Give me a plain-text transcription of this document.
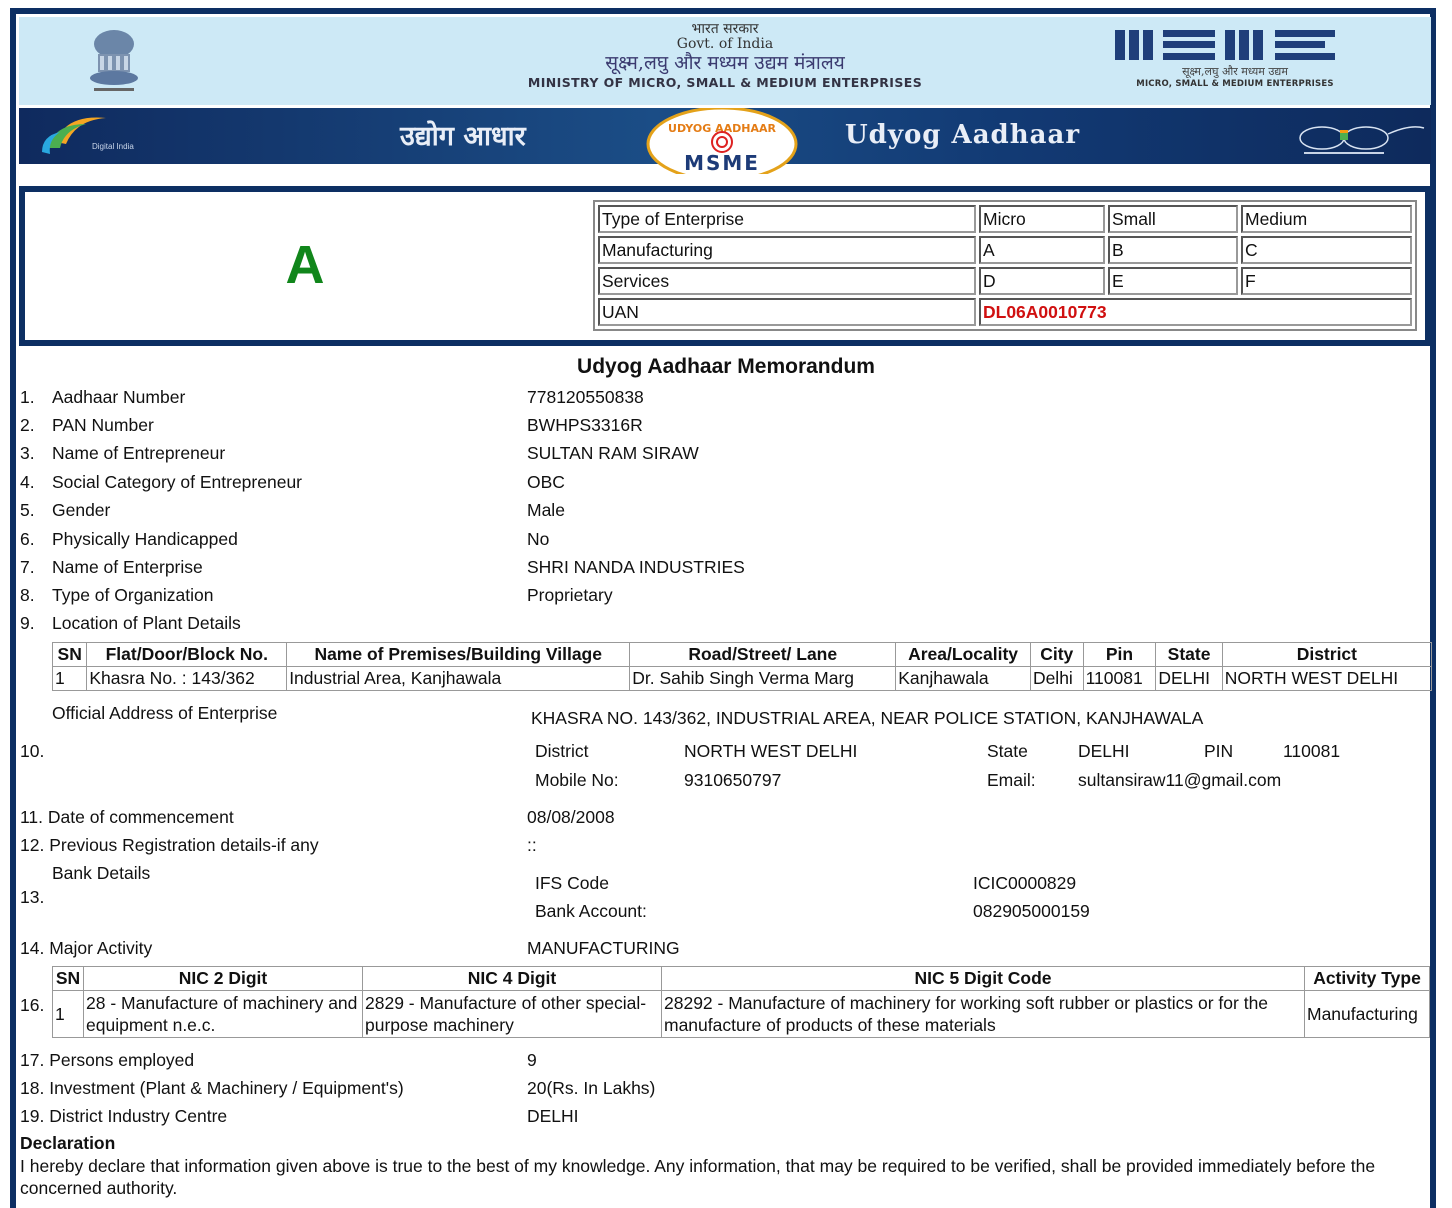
भारत सरकार
Govt. of India
सूक्ष्म,लघु और मध्यम उद्यम मंत्रालय
MINISTRY OF MICRO, SMALL & MEDIUM ENTERPRISES
सूक्ष्म,लघु और मध्यम उद्यम
MICRO, SMALL & MEDIUM ENTERPRISES
Digital India	उद्योग आधार	UDYOG AADHAAR
MSME
Udyog Aadhaar
A
Type of Enterprise	Micro	Small	Medium
Manufacturing	A	B	C
Services	D	E	F
UAN	DL06A0010773		
Udyog Aadhaar Memorandum
1. Aadhaar Number	778120550838
2. PAN Number	BWHPS3316R
3. Name of Entrepreneur	SULTAN RAM SIRAW
4. Social Category of Entrepreneur	OBC
5. Gender	Male
6. Physically Handicapped	No
7. Name of Enterprise	SHRI NANDA INDUSTRIES
8. Type of Organization	Proprietary
9. Location of Plant Details
SN	Flat/Door/Block No.	Name of Premises/Building Village	Road/Street/ Lane	Area/Locality	City	Pin	State	District
1	Khasra No. : 143/362	Industrial Area, Kanjhawala	Dr. Sahib Singh Verma Marg	Kanjhawala	Delhi	110081	DELHI	NORTH WEST DELHI
Official Address of Enterprise
10.
KHASRA NO. 143/362, INDUSTRIAL AREA, NEAR POLICE STATION, KANJHAWALA
District	NORTH WEST DELHI	State	DELHI	PIN	110081
Mobile No:	9310650797	Email: sultansiraw11@gmail.com
11. Date of commencement	08/08/2008
12. Previous Registration details-if any	::
Bank Details
13.
IFS Code	ICIC0000829
Bank Account:	082905000159
14. Major Activity	MANUFACTURING
16.
SN	NIC 2 Digit	NIC 4 Digit	NIC 5 Digit Code	Activity Type
1	28 - Manufacture of machinery and equipment n.e.c.	2829 - Manufacture of other special-purpose machinery	28292 - Manufacture of machinery for working soft rubber or plastics or for the manufacture of products of these materials	Manufacturing
17. Persons employed	9
18. Investment (Plant & Machinery / Equipment's)	20(Rs. In Lakhs)
19. District Industry Centre	DELHI
Declaration
I hereby declare that information given above is true to the best of my knowledge. Any information, that may be required to be verified, shall be provided immediately before the concerned authority.
